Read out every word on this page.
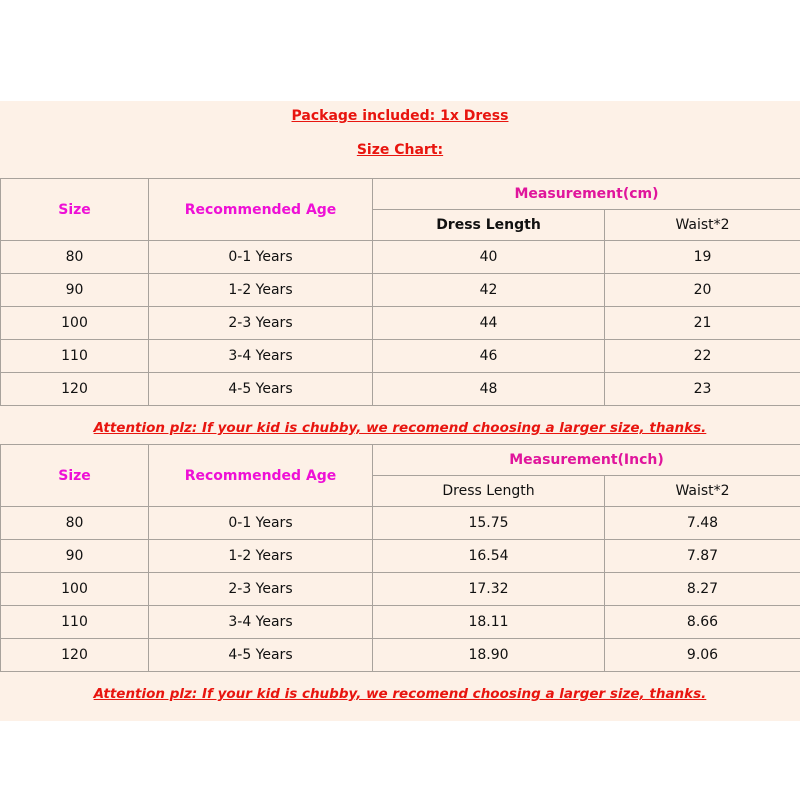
Package included: 1x Dress
Size Chart:
Size	Recommended Age	Measurement(cm)	
		Dress Length	Waist*2
80	0-1 Years	40	19
90	1-2 Years	42	20
100	2-3 Years	44	21
110	3-4 Years	46	22
120	4-5 Years	48	23
Attention plz: If your kid is chubby, we recomend choosing a larger size, thanks.
Size	Recommended Age	Measurement(Inch)	
		Dress Length	Waist*2
80	0-1 Years	15.75	7.48
90	1-2 Years	16.54	7.87
100	2-3 Years	17.32	8.27
110	3-4 Years	18.11	8.66
120	4-5 Years	18.90	9.06
Attention plz: If your kid is chubby, we recomend choosing a larger size, thanks.
